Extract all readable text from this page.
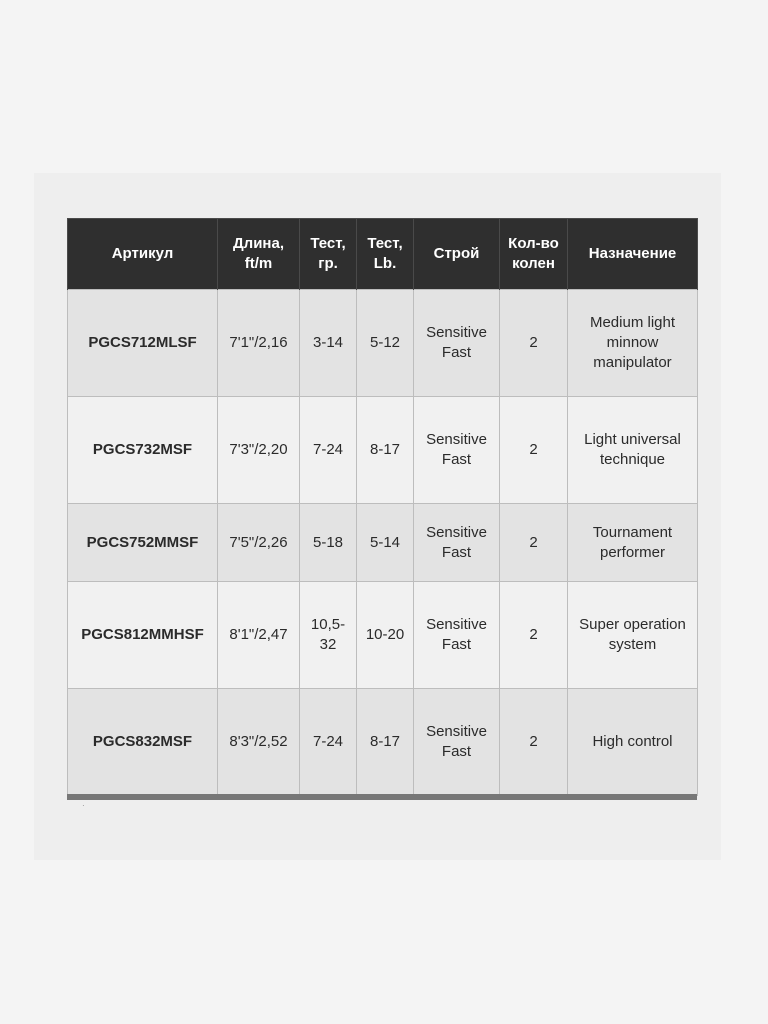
Артикул	Длина, ft/m	Тест, гр.	Тест, Lb.	Строй	Кол-во колен	Назначение
PGCS712MLSF	7'1"/2,16	3-14	5-12	Sensitive Fast	2	Medium light minnow manipulator
PGCS732MSF	7'3"/2,20	7-24	8-17	Sensitive Fast	2	Light universal technique
PGCS752MMSF	7'5"/2,26	5-18	5-14	Sensitive Fast	2	Tournament performer
PGCS812MMHSF	8'1"/2,47	10,5-32	10-20	Sensitive Fast	2	Super operation system
PGCS832MSF	8'3"/2,52	7-24	8-17	Sensitive Fast	2	High control
·
